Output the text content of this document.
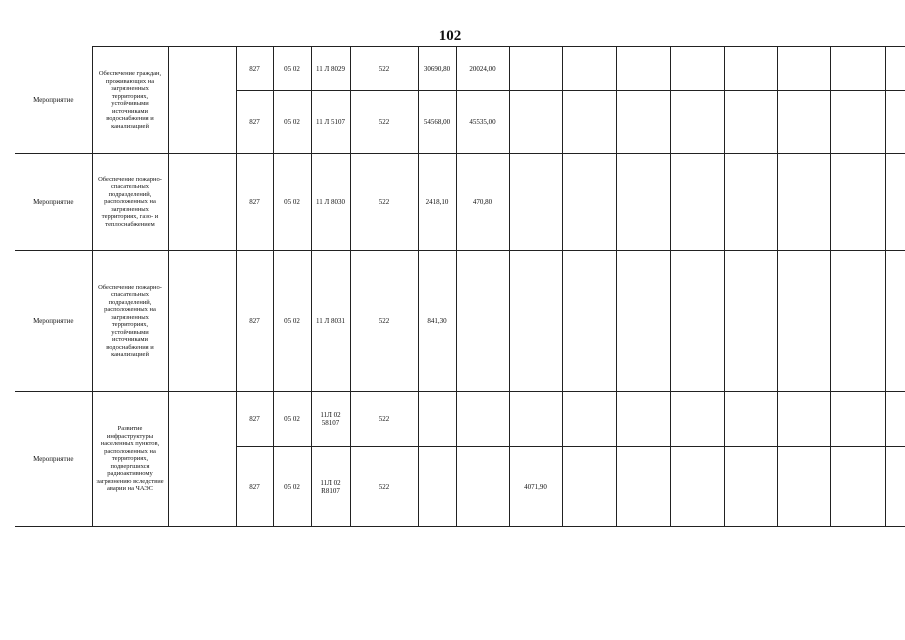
102
Мероприятие	Обеспечение граждан, проживающих на загрязненных территориях, устойчивыми источниками водоснабжения и канализацией		827	05 02	11 Л 8029	522	30690,80	20024,00								
			827	05 02	11 Л 5107	522	54568,00	45535,00								
Мероприятие	Обеспечение пожарно-спасательных подразделений, расположенных на загрязненных территориях, газо- и теплоснабжением		827	05 02	11 Л 8030	522	2418,10	470,80								
Мероприятие	Обеспечение пожарно-спасательных подразделений, расположенных на загрязненных территориях, устойчивыми источниками водоснабжения и канализацией		827	05 02	11 Л 8031	522	841,30									
Мероприятие	Развитие инфраструктуры населенных пунктов, расположенных на территориях, подвергшихся радиоактивному загрязнению вследствие аварии на ЧАЭС		827	05 02	11Л 02 58107	522										
			827	05 02	11Л 02 R8107	522			4071,90							
